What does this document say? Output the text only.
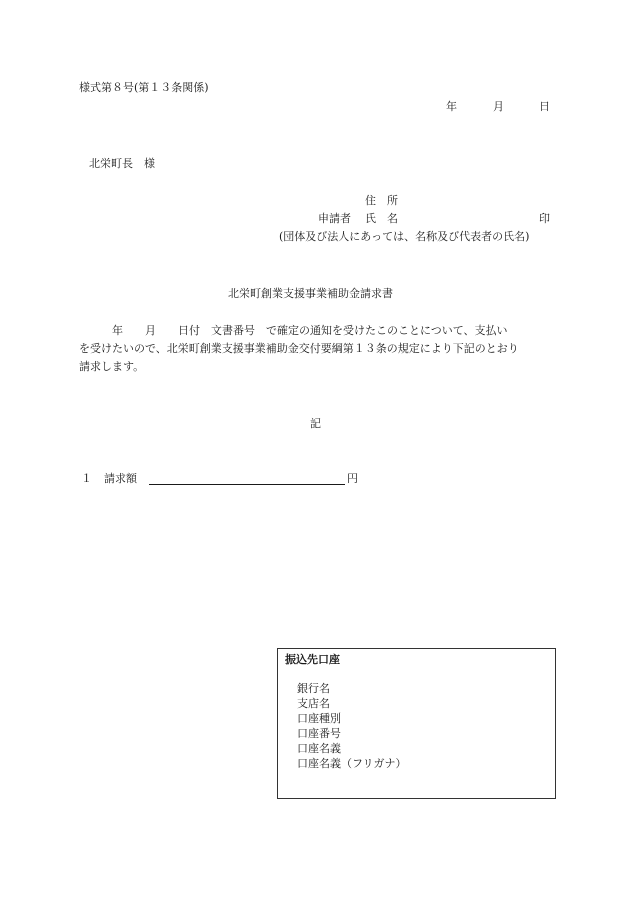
様式第８号(第１３条関係)
年	月	日
北栄町長　様
住　所
申請者 氏　名	印
(団体及び法人にあっては、名称及び代表者の氏名)
北栄町創業支援事業補助金請求書
　　　年　　月　　日付　文書番号　で確定の通知を受けたこのことについて、支払い
を受けたいので、北栄町創業支援事業補助金交付要綱第１３条の規定により下記のとおり
請求します。
記
１ 請求額	円
振込先口座
銀行名
支店名
口座種別
口座番号
口座名義
口座名義（フリガナ）
